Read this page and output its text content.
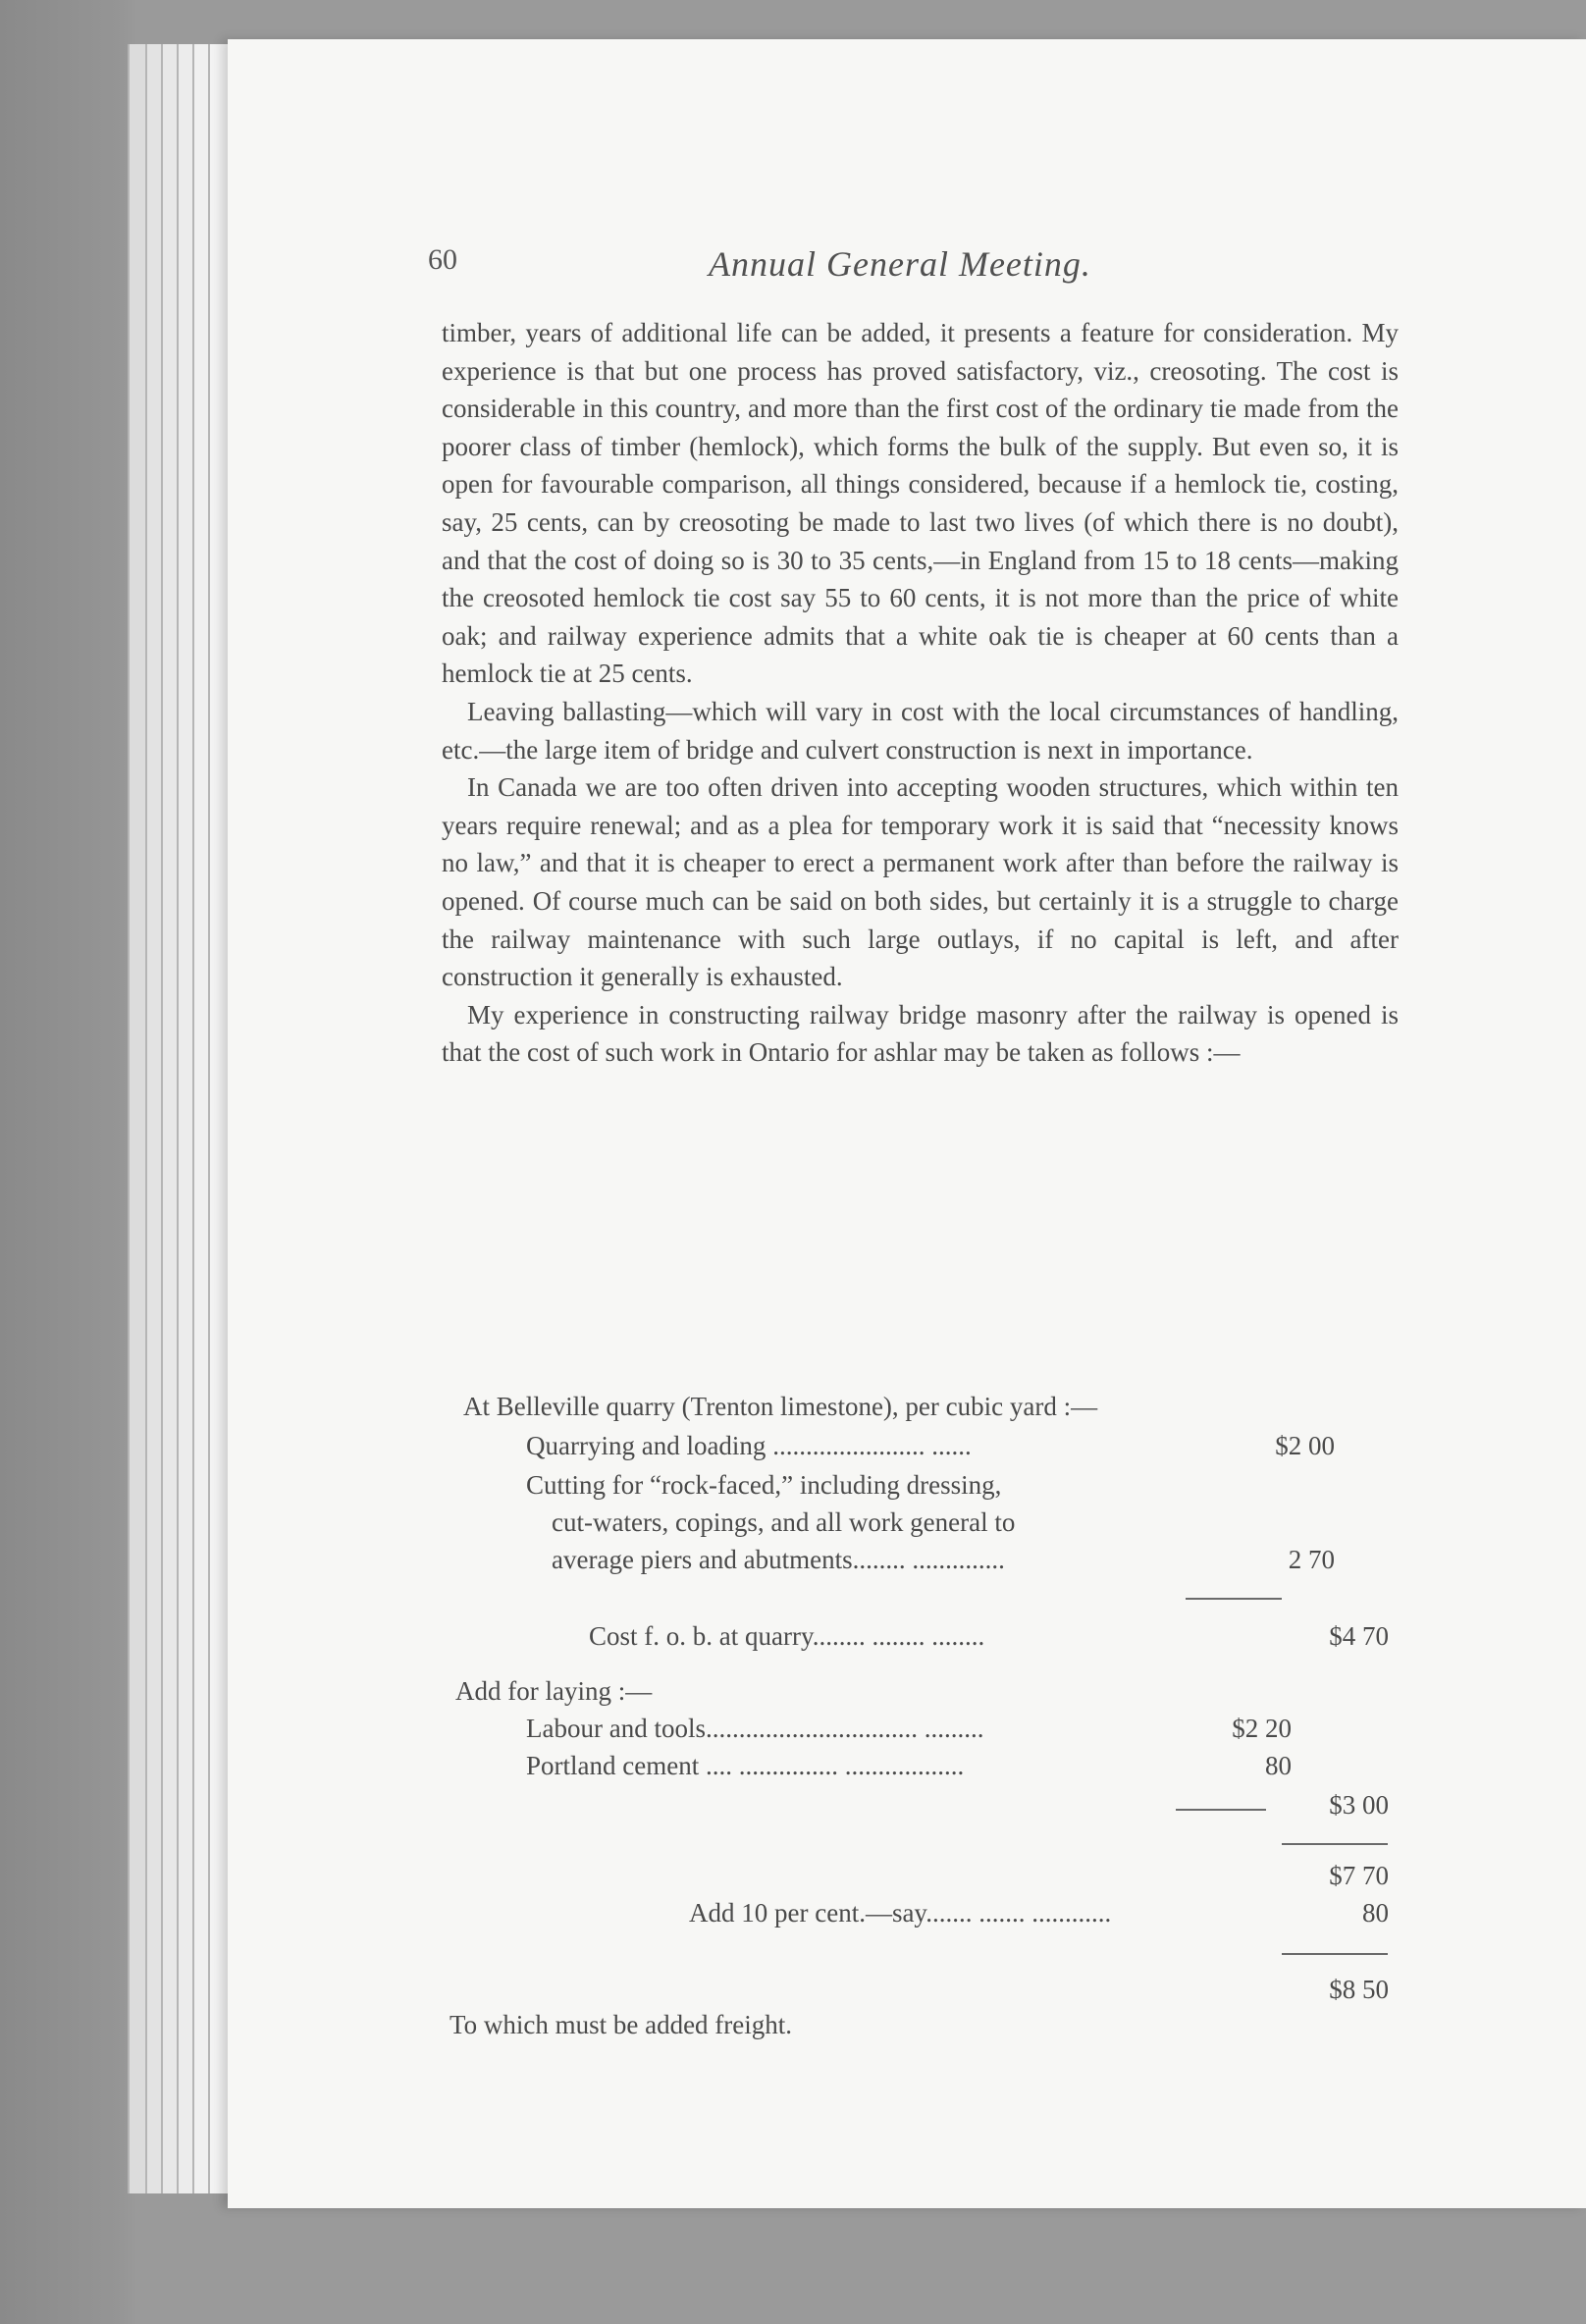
60	Annual General Meeting.

timber, years of additional life can be added, it presents a feature for consideration. My experience is that but one process has proved satisfactory, viz., creosoting. The cost is considerable in this country, and more than the first cost of the ordinary tie made from the poorer class of timber (hemlock), which forms the bulk of the supply. But even so, it is open for favourable comparison, all things considered, because if a hemlock tie, costing, say, 25 cents, can by creosoting be made to last two lives (of which there is no doubt), and that the cost of doing so is 30 to 35 cents,—in England from 15 to 18 cents—making the creosoted hemlock tie cost say 55 to 60 cents, it is not more than the price of white oak; and railway experience admits that a white oak tie is cheaper at 60 cents than a hemlock tie at 25 cents.

Leaving ballasting—which will vary in cost with the local circumstances of handling, etc.—the large item of bridge and culvert construction is next in importance.

In Canada we are too often driven into accepting wooden structures, which within ten years require renewal; and as a plea for temporary work it is said that “necessity knows no law,” and that it is cheaper to erect a permanent work after than before the railway is opened. Of course much can be said on both sides, but certainly it is a struggle to charge the railway maintenance with such large outlays, if no capital is left, and after construction it generally is exhausted.

My experience in constructing railway bridge masonry after the railway is opened is that the cost of such work in Ontario for ashlar may be taken as follows :—

At Belleville quarry (Trenton limestone), per cubic yard :—
Quarrying and loading ....................... ......	$2 00
Cutting for “rock-faced,” including dressing,
cut-waters, copings, and all work general to
average piers and abutments........ ..............	2 70
Cost f. o. b. at quarry........ ........ ........	$4 70
Add for laying :—
Labour and tools................................ .........	$2 20
Portland cement .... ............... ..................	80
$3 00
$7 70
Add 10 per cent.—say....... ....... ............	80
$8 50
To which must be added freight.
